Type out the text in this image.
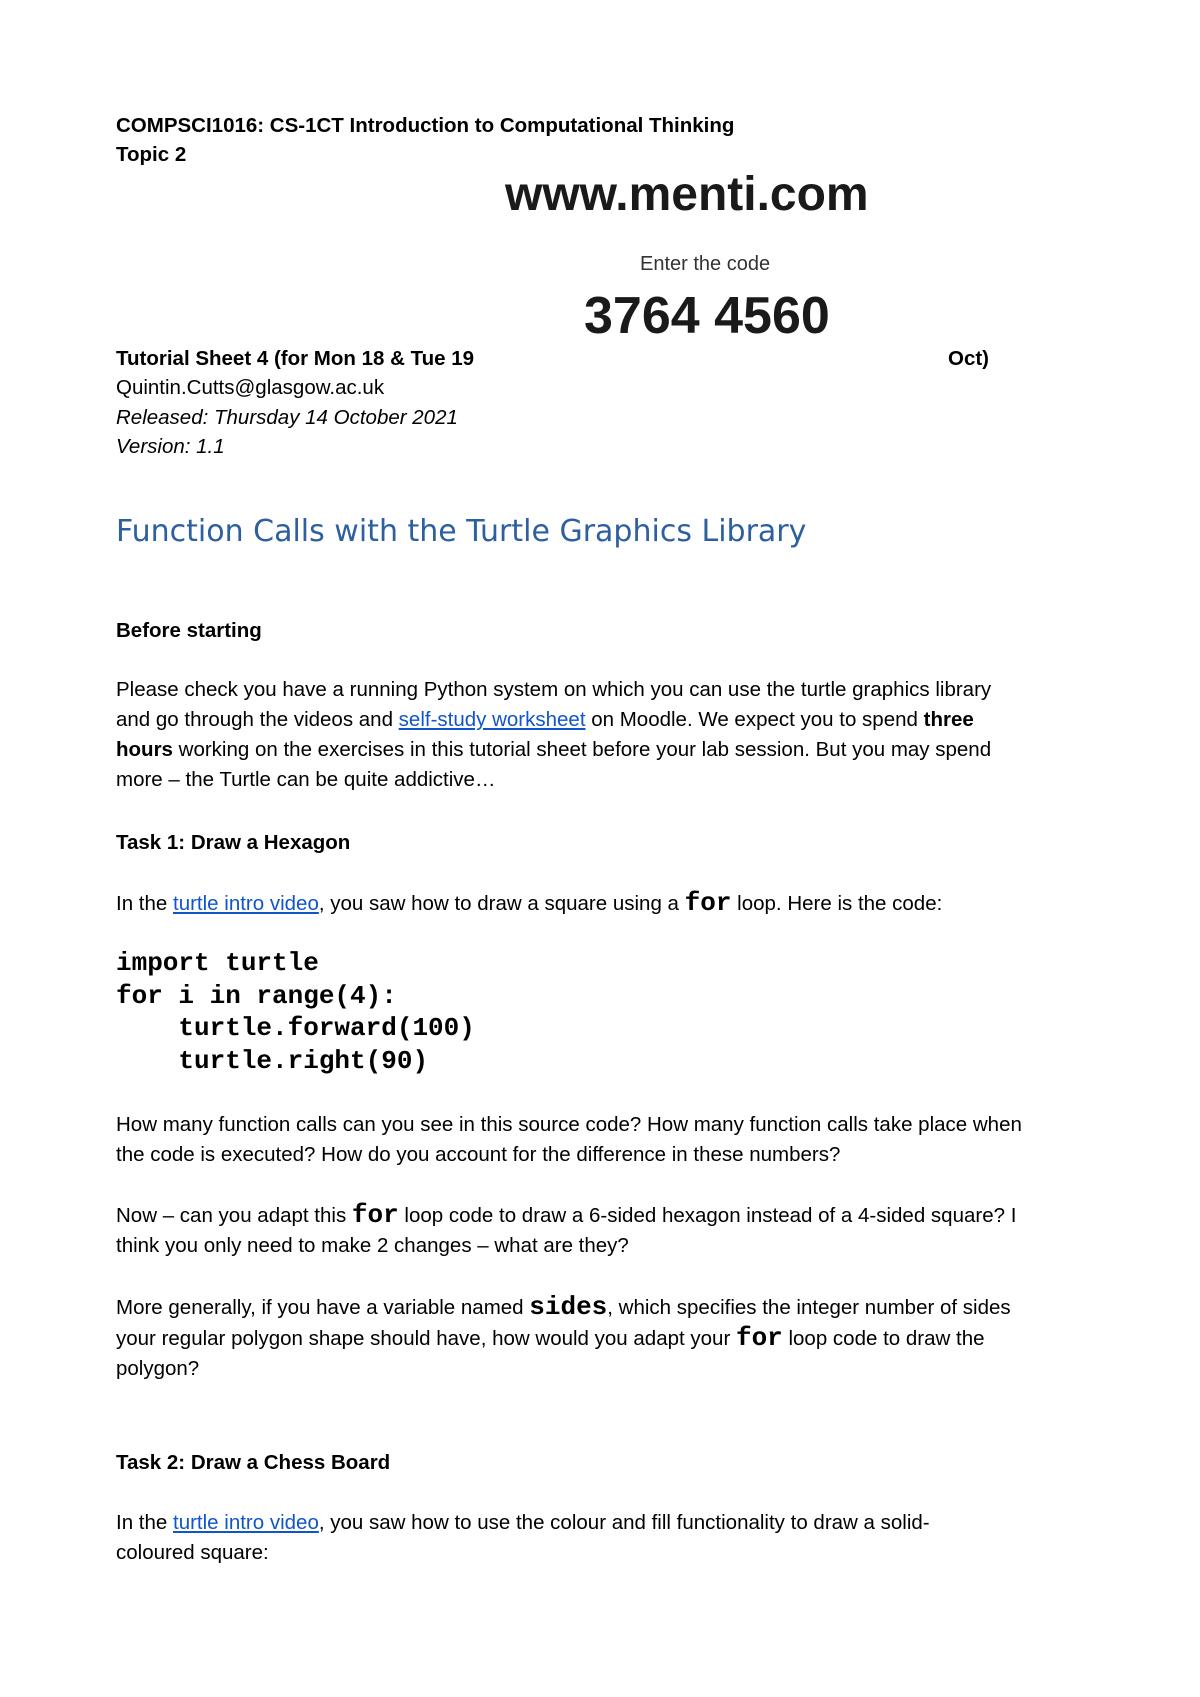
COMPSCI1016: CS-1CT Introduction to Computational Thinking
Topic 2
www.menti.com
Enter the code
3764 4560
Tutorial Sheet 4 (for Mon 18 & Tue 19	Oct)
Quintin.Cutts@glasgow.ac.uk
Released: Thursday 14 October 2021
Version: 1.1
Function Calls with the Turtle Graphics Library
Before starting
Please check you have a running Python system on which you can use the turtle graphics library
and go through the videos and self-study worksheet on Moodle. We expect you to spend three
hours working on the exercises in this tutorial sheet before your lab session. But you may spend
more – the Turtle can be quite addictive…
Task 1: Draw a Hexagon
In the turtle intro video, you saw how to draw a square using a for loop. Here is the code:
import turtle
for i in range(4):
turtle.forward(100)
turtle.right(90)
How many function calls can you see in this source code? How many function calls take place when
the code is executed? How do you account for the difference in these numbers?
Now – can you adapt this for loop code to draw a 6-sided hexagon instead of a 4-sided square? I
think you only need to make 2 changes – what are they?
More generally, if you have a variable named sides, which specifies the integer number of sides
your regular polygon shape should have, how would you adapt your for loop code to draw the
polygon?
Task 2: Draw a Chess Board
In the turtle intro video, you saw how to use the colour and fill functionality to draw a solid-
coloured square:
